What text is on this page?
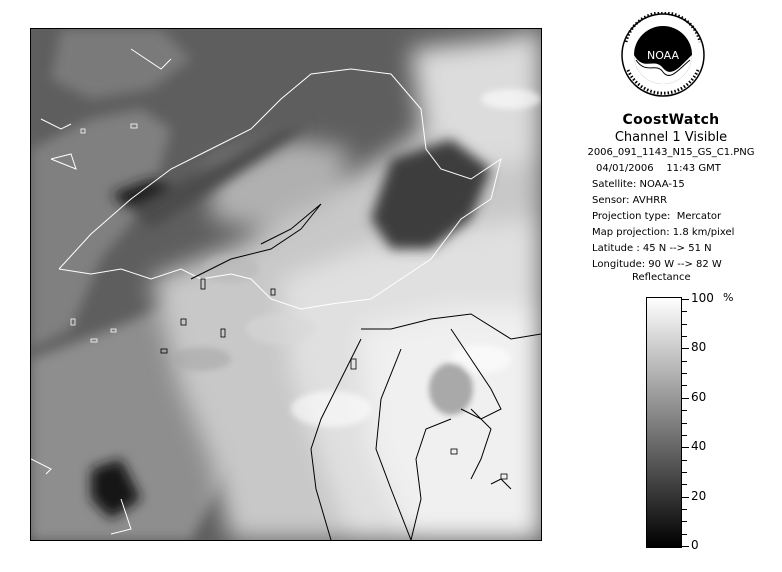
NOAA
CoostWatch
Channel 1 Visible
2006_091_1143_N15_GS_C1.PNG
04/01/2006    11:43 GMT
Satellite: NOAA-15
Sensor: AVHRR
Projection type:  Mercator
Map projection: 1.8 km/pixel
Latitude : 45 N --> 51 N
Longitude: 90 W --> 82 W
Reflectance
%
100
80
60
40
20
0
